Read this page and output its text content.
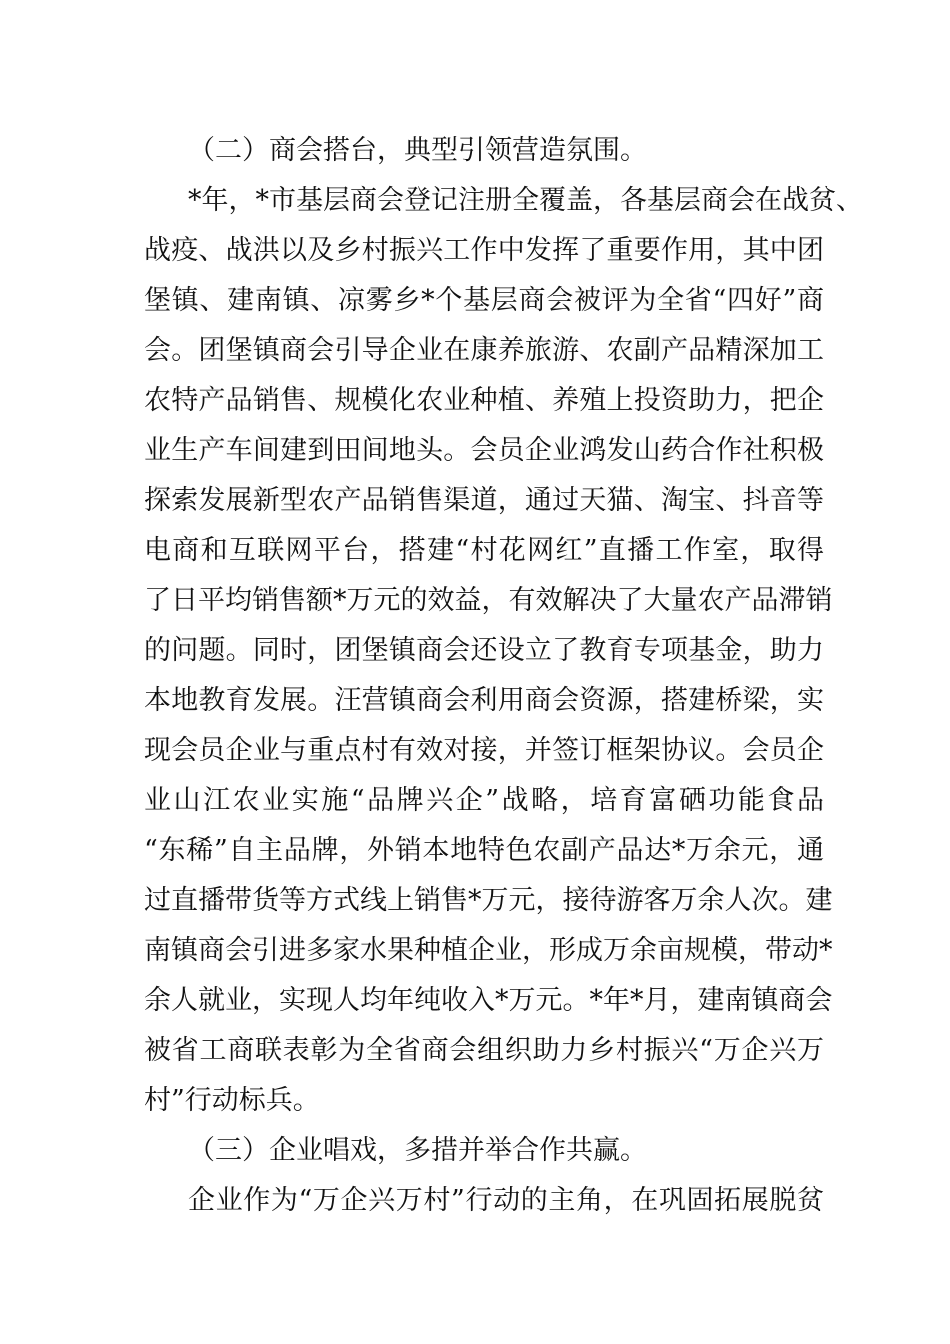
（二）商会搭台，典型引领营造氛围。
*年，*市基层商会登记注册全覆盖，各基层商会在战贫、
战疫、战洪以及乡村振兴工作中发挥了重要作用，其中团
堡镇、建南镇、凉雾乡*个基层商会被评为全省“四好”商
会。团堡镇商会引导企业在康养旅游、农副产品精深加工
农特产品销售、规模化农业种植、养殖上投资助力，把企
业生产车间建到田间地头。会员企业鸿发山药合作社积极
探索发展新型农产品销售渠道，通过天猫、淘宝、抖音等
电商和互联网平台，搭建“村花网红”直播工作室，取得
了日平均销售额*万元的效益，有效解决了大量农产品滞销
的问题。同时，团堡镇商会还设立了教育专项基金，助力
本地教育发展。汪营镇商会利用商会资源，搭建桥梁，实
现会员企业与重点村有效对接，并签订框架协议。会员企
业山江农业实施“品牌兴企”战略，培育富硒功能食品
“东稀”自主品牌，外销本地特色农副产品达*万余元，通
过直播带货等方式线上销售*万元，接待游客万余人次。建
南镇商会引进多家水果种植企业，形成万余亩规模，带动*
余人就业，实现人均年纯收入*万元。*年*月，建南镇商会
被省工商联表彰为全省商会组织助力乡村振兴“万企兴万
村”行动标兵。
（三）企业唱戏，多措并举合作共赢。
企业作为“万企兴万村”行动的主角，在巩固拓展脱贫
